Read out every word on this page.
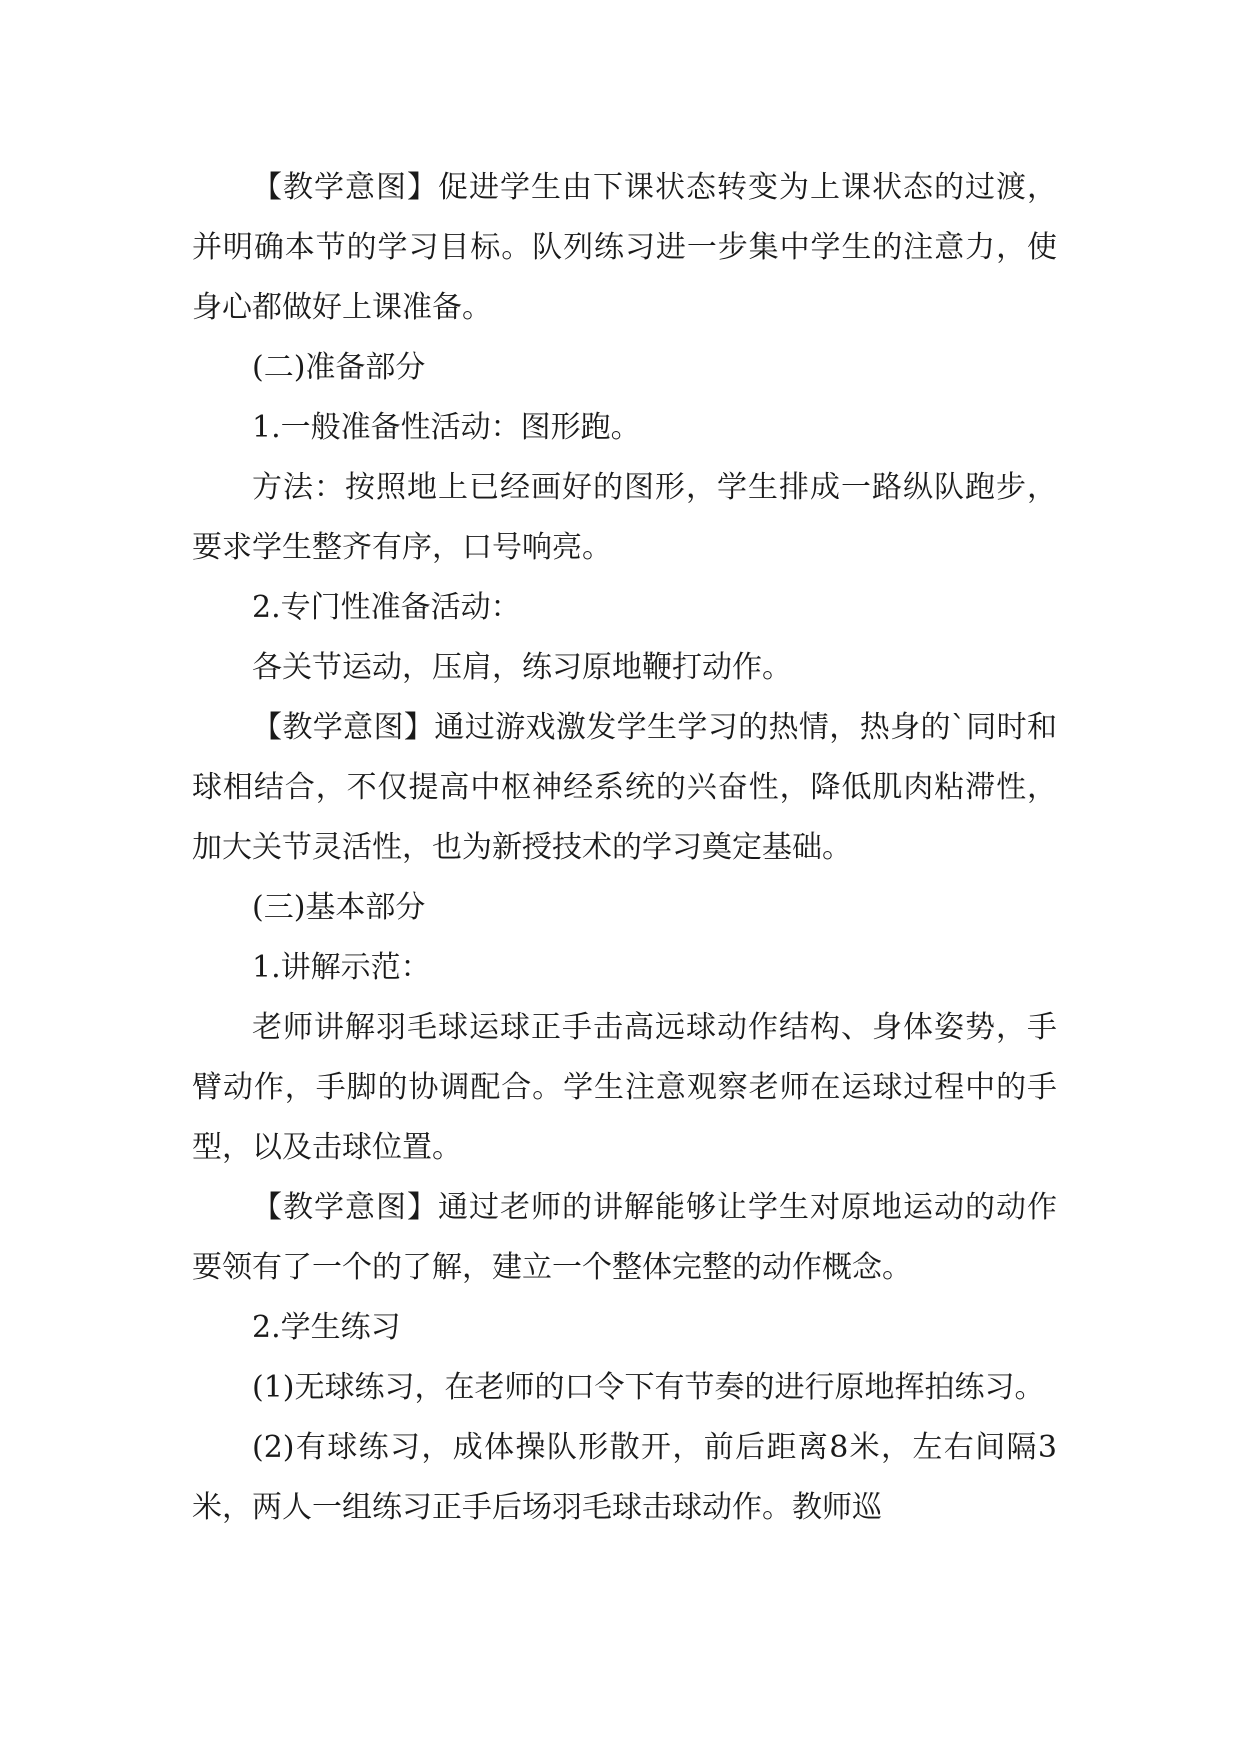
【教学意图】促进学生由下课状态转变为上课状态的过渡，并明确本节的学习目标。队列练习进一步集中学生的注意力，使身心都做好上课准备。

(二)准备部分

1.一般准备性活动：图形跑。

方法：按照地上已经画好的图形，学生排成一路纵队跑步，要求学生整齐有序，口号响亮。

2.专门性准备活动：

各关节运动，压肩，练习原地鞭打动作。

【教学意图】通过游戏激发学生学习的热情，热身的`同时和球相结合，不仅提高中枢神经系统的兴奋性，降低肌肉粘滞性，加大关节灵活性，也为新授技术的学习奠定基础。

(三)基本部分

1.讲解示范：

老师讲解羽毛球运球正手击高远球动作结构、身体姿势，手臂动作，手脚的协调配合。学生注意观察老师在运球过程中的手型，以及击球位置。

【教学意图】通过老师的讲解能够让学生对原地运动的动作要领有了一个的了解，建立一个整体完整的动作概念。

2.学生练习

(1)无球练习，在老师的口令下有节奏的进行原地挥拍练习。

(2)有球练习，成体操队形散开，前后距离8米，左右间隔3米，两人一组练习正手后场羽毛球击球动作。教师巡
